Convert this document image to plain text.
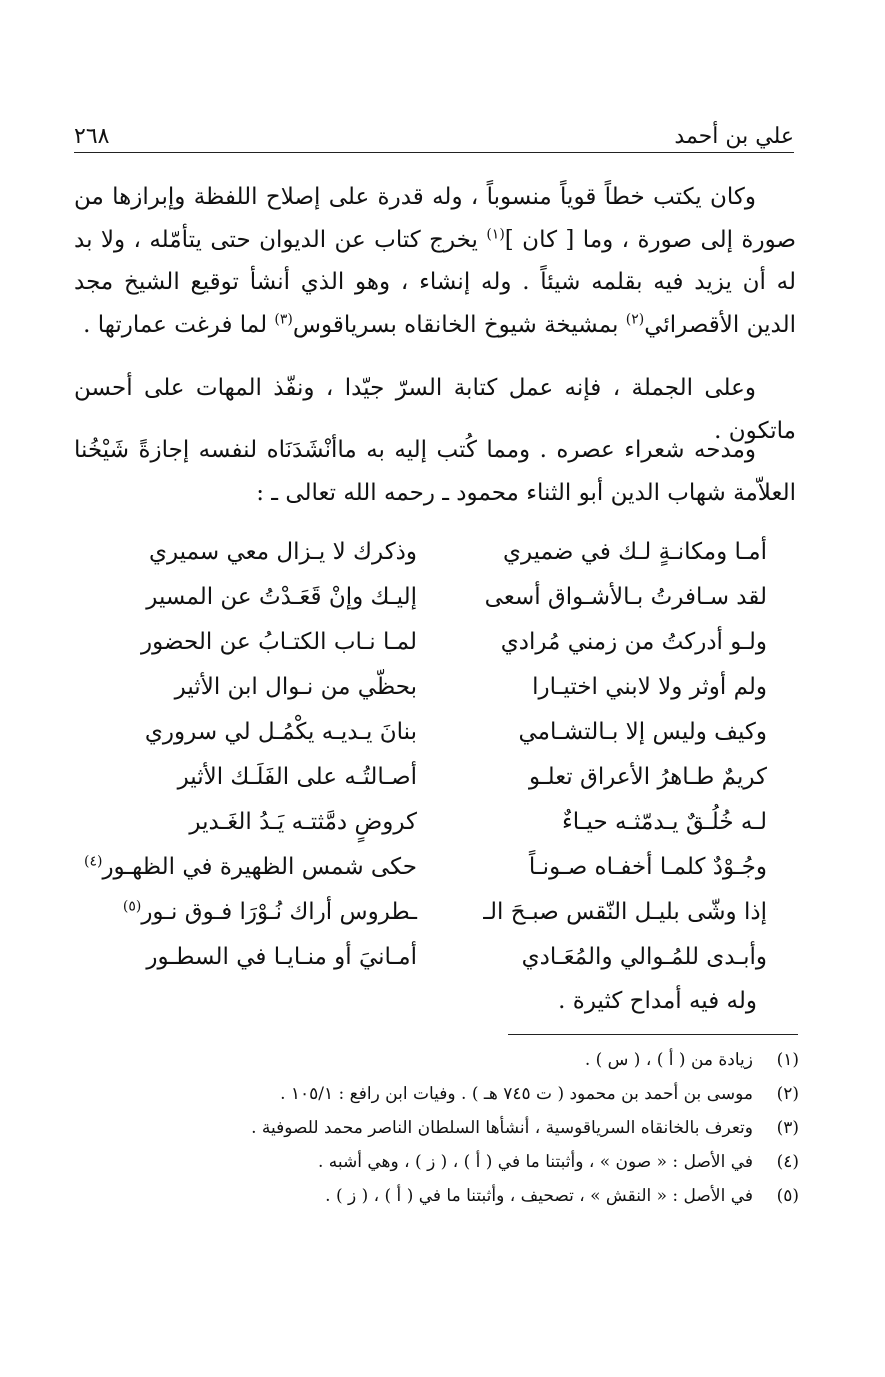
علي بن أحمد
٢٦٨

وكان يكتب خطاً قوياً منسوباً ، وله قدرة على إصلاح اللفظة وإبرازها من صورة إلى صورة ، وما [ كان ]$^{(١)}$ يخرج كتاب عن الديوان حتى يتأمّله ، ولا بد له أن يزيد فيه بقلمه شيئاً . وله إنشاء ، وهو الذي أنشأ توقيع الشيخ مجد الدين الأقصرائي$^{(٢)}$ بمشيخة شيوخ الخانقاه بسرياقوس$^{(٣)}$ لما فرغت عمارتها .

وعلى الجملة ، فإنه عمل كتابة السرّ جيّدا ، ونفّذ المهات على أحسن ماتكون .

ومدحه شعراء عصره . ومما كُتب إليه به ماأنْشَدَنَاه لنفسه إجازةً شَيْخُنا العلاّمة شهاب الدين أبو الثناء محمود ـ رحمه الله تعالى ـ :

أمـا ومكانـةٍ لـك في ضميري
وذكرك لا يـزال معي سميري
لقد سـافرتُ بـالأشـواق أسعى
إليـك وإنْ قَعَـدْتُ عن المسير
ولـو أدركتُ من زمني مُرادي
لمـا نـاب الكتـابُ عن الحضور
ولم أوثر ولا لابني اختيـارا
بحظّي من نـوال ابن الأثير
وكيف وليس إلا بـالتشـامي
بنانَ يـديـه يكْمُـل لي سروري
كريمٌ طـاهرُ الأعراق تعلـو
أصـالتُـه على الفَلَـك الأثير
لـه خُلُـقٌ يـدمّثـه حيـاءٌ
كروضٍ دمَّثتـه يَـدُ الغَـدير
وجُـوْدٌ كلمـا أخفـاه صـونـاً
حكى شمس الظهيرة في الظهـور$^{(٤)}$
إذا وشّى بليـل النّقس صبـحَ الـ
ـطروس أراك نُـوْرَا فـوق نـور$^{(٥)}$
وأبـدى للمُـوالي والمُعَـادي
أمـانيَ أو منـايـا في السطـور
وله فيه أمداح كثيرة .
(١)
زيادة من ( أ ) ، ( س ) .
(٢)
موسى بن أحمد بن محمود ( ت ٧٤٥ هـ ) . وفيات ابن رافع : ١٠٥/١ .
(٣)
وتعرف بالخانقاه السرياقوسية ، أنشأها السلطان الناصر محمد للصوفية .
(٤)
في الأصل : « صون » ، وأثبتنا ما في ( أ ) ، ( ز ) ، وهي أشبه .
(٥)
في الأصل : « النقش » ، تصحيف ، وأثبتنا ما في ( أ ) ، ( ز ) .
